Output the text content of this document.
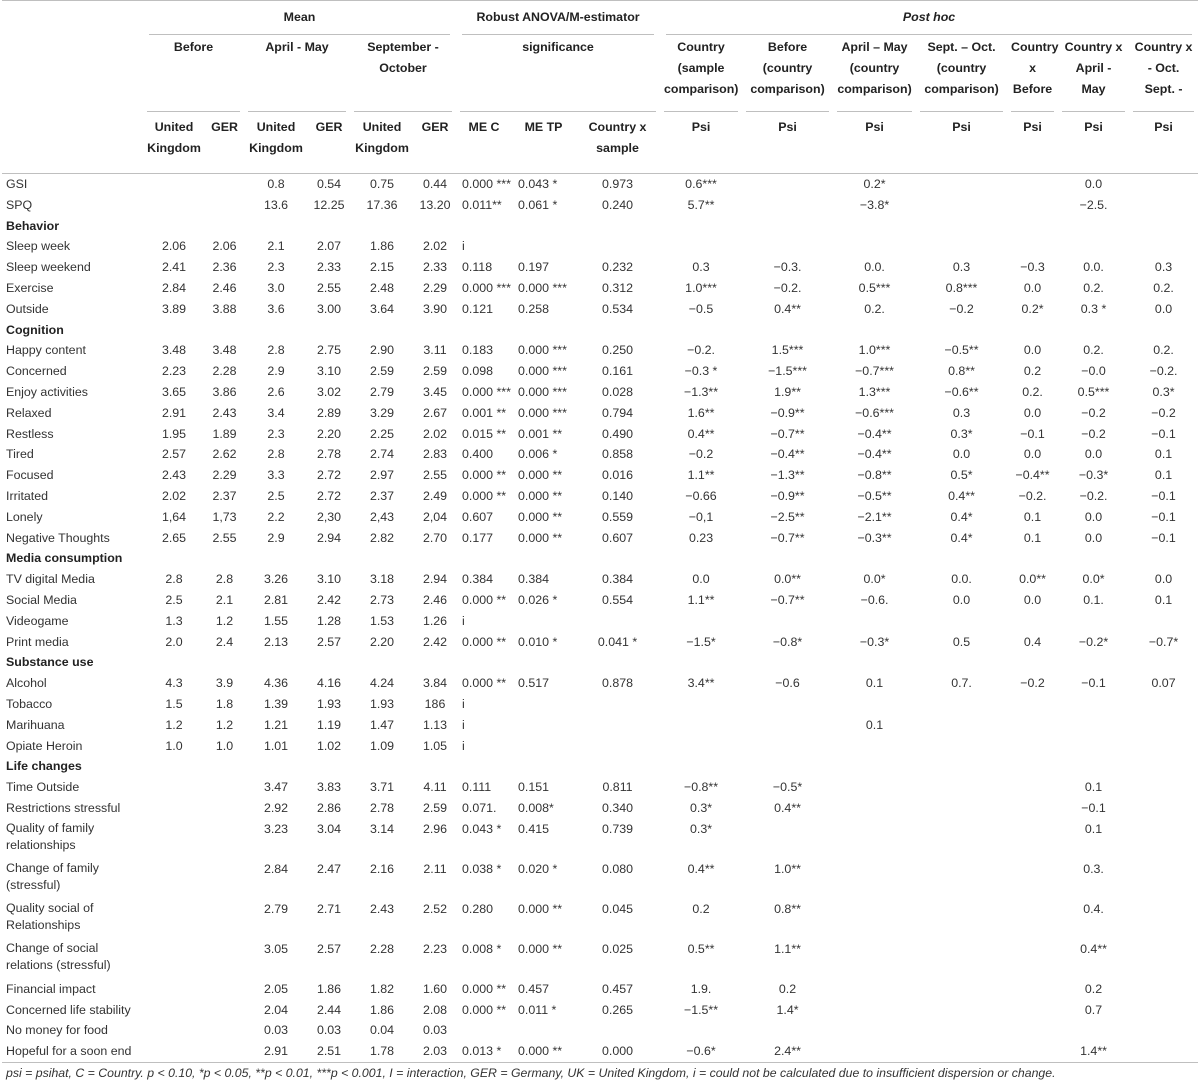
	Mean						Robust ANOVA/M-estimator			Post hoc						

	Before		April - May		September - October		significance			Country (sample comparison)	Before (country comparison)	April – May (country comparison)	Sept. – Oct. (country comparison)	Country x Before	Country x April - May	Country x - Oct. Sept. -

	United Kingdom	GER	United Kingdom	GER	United Kingdom	GER	ME C	ME TP	Country x sample	Psi	Psi	Psi	Psi	Psi	Psi	Psi

GSI			0.8	0.54	0.75	0.44	0.000 ***	0.043 *	0.973	0.6***		0.2*			0.0	
SPQ			13.6	12.25	17.36	13.20	0.011**	0.061 *	0.240	5.7**		−3.8*			−2.5.	
Behavior																
Sleep week	2.06	2.06	2.1	2.07	1.86	2.02	i									
Sleep weekend	2.41	2.36	2.3	2.33	2.15	2.33	0.118	0.197	0.232	0.3	−0.3.	0.0.	0.3	−0.3	0.0.	0.3
Exercise	2.84	2.46	3.0	2.55	2.48	2.29	0.000 ***	0.000 ***	0.312	1.0***	−0.2.	0.5***	0.8***	0.0	0.2.	0.2.
Outside	3.89	3.88	3.6	3.00	3.64	3.90	0.121	0.258	0.534	−0.5	0.4**	0.2.	−0.2	0.2*	0.3 *	0.0
Cognition																
Happy content	3.48	3.48	2.8	2.75	2.90	3.11	0.183	0.000 ***	0.250	−0.2.	1.5***	1.0***	−0.5**	0.0	0.2.	0.2.
Concerned	2.23	2.28	2.9	3.10	2.59	2.59	0.098	0.000 ***	0.161	−0.3 *	−1.5***	−0.7***	0.8**	0.2	−0.0	−0.2.
Enjoy activities	3.65	3.86	2.6	3.02	2.79	3.45	0.000 ***	0.000 ***	0.028	−1.3**	1.9**	1.3***	−0.6**	0.2.	0.5***	0.3*
Relaxed	2.91	2.43	3.4	2.89	3.29	2.67	0.001 **	0.000 ***	0.794	1.6**	−0.9**	−0.6***	0.3	0.0	−0.2	−0.2
Restless	1.95	1.89	2.3	2.20	2.25	2.02	0.015 **	0.001 **	0.490	0.4**	−0.7**	−0.4**	0.3*	−0.1	−0.2	−0.1
Tired	2.57	2.62	2.8	2.78	2.74	2.83	0.400	0.006 *	0.858	−0.2	−0.4**	−0.4**	0.0	0.0	0.0	0.1
Focused	2.43	2.29	3.3	2.72	2.97	2.55	0.000 **	0.000 **	0.016	1.1**	−1.3**	−0.8**	0.5*	−0.4**	−0.3*	0.1
Irritated	2.02	2.37	2.5	2.72	2.37	2.49	0.000 **	0.000 **	0.140	−0.66	−0.9**	−0.5**	0.4**	−0.2.	−0.2.	−0.1
Lonely	1,64	1,73	2.2	2,30	2,43	2,04	0.607	0.000 **	0.559	−0,1	−2.5**	−2.1**	0.4*	0.1	0.0	−0.1
Negative Thoughts	2.65	2.55	2.9	2.94	2.82	2.70	0.177	0.000 **	0.607	0.23	−0.7**	−0.3**	0.4*	0.1	0.0	−0.1
Media consumption																
TV digital Media	2.8	2.8	3.26	3.10	3.18	2.94	0.384	0.384	0.384	0.0	0.0**	0.0*	0.0.	0.0**	0.0*	0.0
Social Media	2.5	2.1	2.81	2.42	2.73	2.46	0.000 **	0.026 *	0.554	1.1**	−0.7**	−0.6.	0.0	0.0	0.1.	0.1
Videogame	1.3	1.2	1.55	1.28	1.53	1.26	i									
Print media	2.0	2.4	2.13	2.57	2.20	2.42	0.000 **	0.010 *	0.041 *	−1.5*	−0.8*	−0.3*	0.5	0.4	−0.2*	−0.7*
Substance use																
Alcohol	4.3	3.9	4.36	4.16	4.24	3.84	0.000 **	0.517	0.878	3.4**	−0.6	0.1	0.7.	−0.2	−0.1	0.07
Tobacco	1.5	1.8	1.39	1.93	1.93	186	i									
Marihuana	1.2	1.2	1.21	1.19	1.47	1.13	i					0.1				
Opiate Heroin	1.0	1.0	1.01	1.02	1.09	1.05	i									
Life changes																
Time Outside			3.47	3.83	3.71	4.11	0.111	0.151	0.811	−0.8**	−0.5*				0.1	
Restrictions stressful			2.92	2.86	2.78	2.59	0.071.	0.008*	0.340	0.3*	0.4**				−0.1	
Quality of family relationships			3.23	3.04	3.14	2.96	0.043 *	0.415	0.739	0.3*					0.1	
Change of family (stressful)			2.84	2.47	2.16	2.11	0.038 *	0.020 *	0.080	0.4**	1.0**				0.3.	
Quality social of Relationships			2.79	2.71	2.43	2.52	0.280	0.000 **	0.045	0.2	0.8**				0.4.	
Change of social relations (stressful)			3.05	2.57	2.28	2.23	0.008 *	0.000 **	0.025	0.5**	1.1**				0.4**	
Financial impact			2.05	1.86	1.82	1.60	0.000 **	0.457	0.457	1.9.	0.2				0.2	
Concerned life stability			2.04	2.44	1.86	2.08	0.000 **	0.011 *	0.265	−1.5**	1.4*				0.7	
No money for food			0.03	0.03	0.04	0.03										
Hopeful for a soon end			2.91	2.51	1.78	2.03	0.013 *	0.000 **	0.000	−0.6*	2.4**				1.4**	
psi = psihat, C = Country. p < 0.10, *p < 0.05, **p < 0.01, ***p < 0.001, I = interaction, GER = Germany, UK = United Kingdom, i = could not be calculated due to insufficient dispersion or change.
